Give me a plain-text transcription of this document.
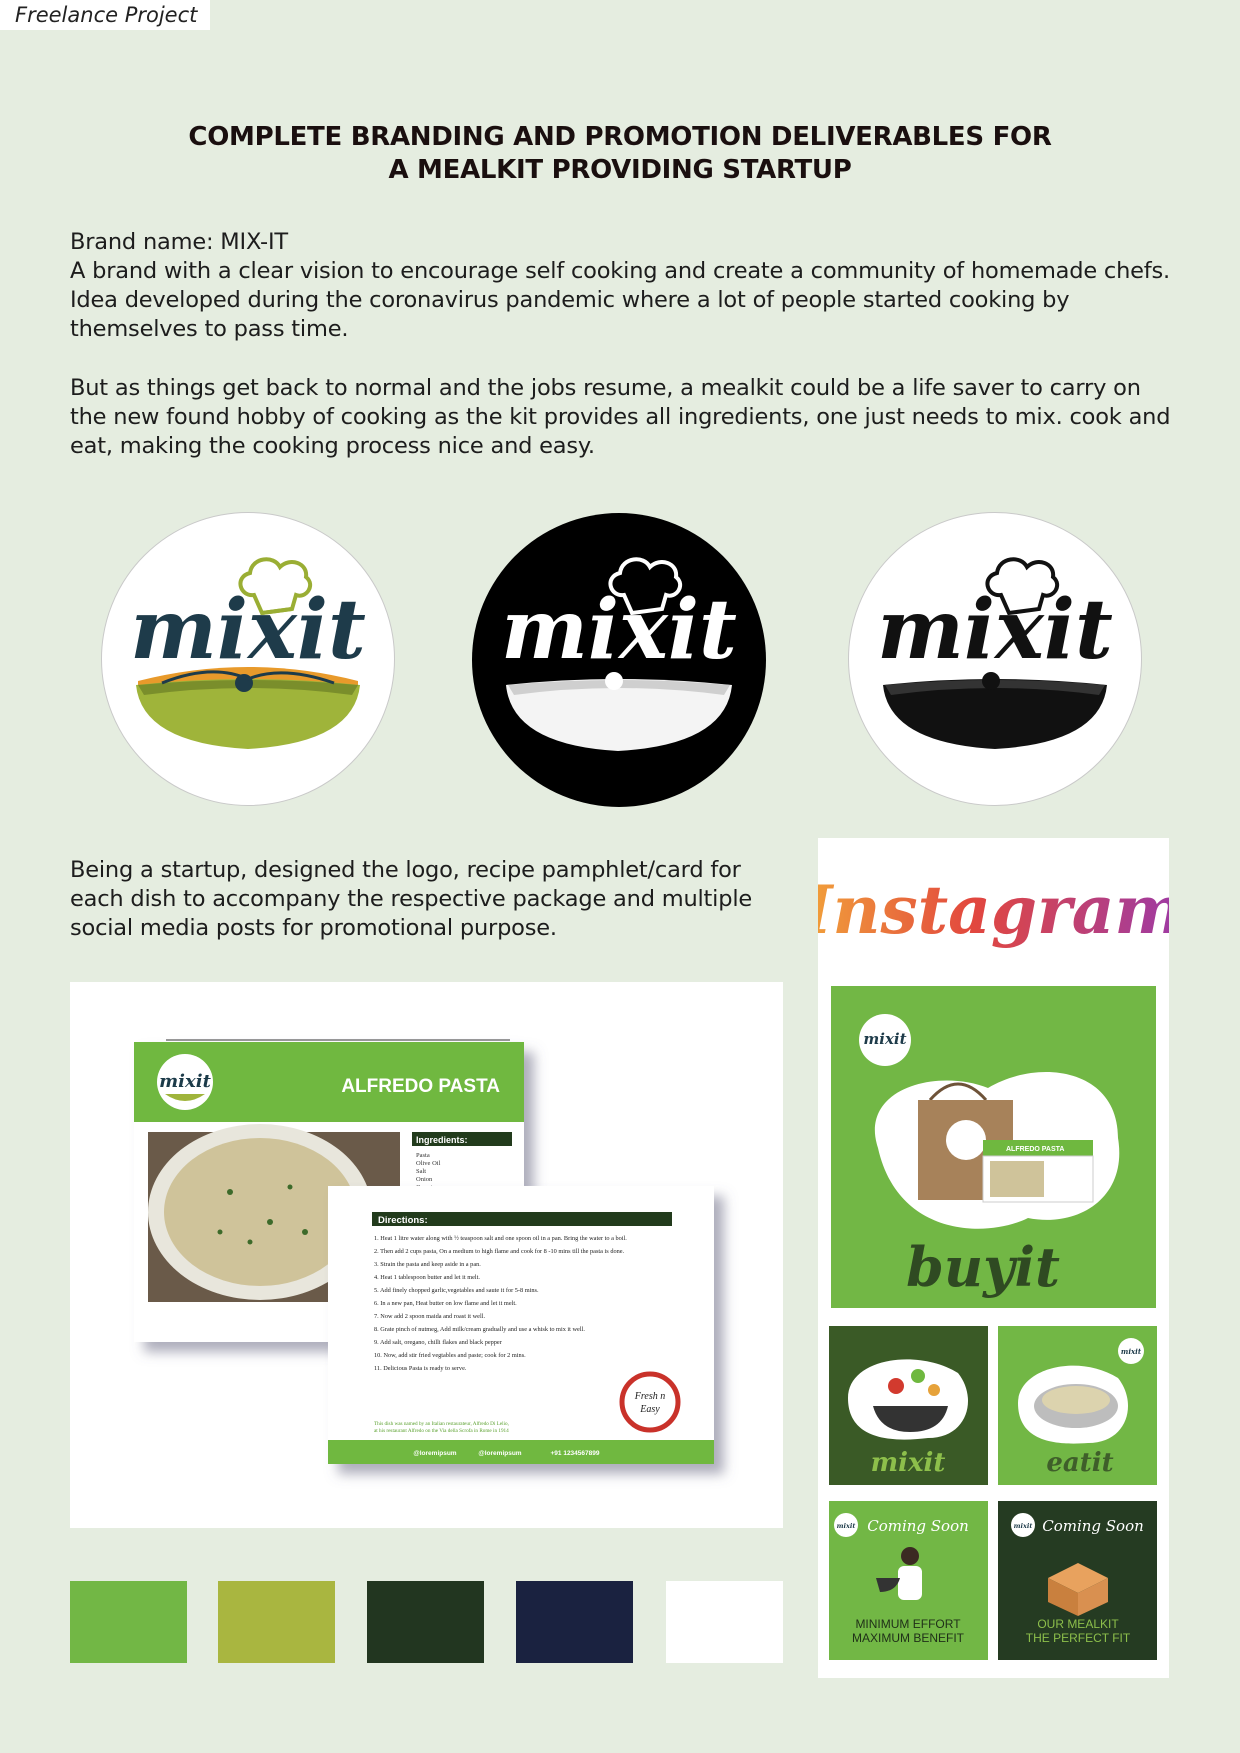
Freelance Project
COMPLETE BRANDING AND PROMOTION DELIVERABLES FOR
A MEALKIT PROVIDING STARTUP

Brand name: MIX-IT

A brand with a clear vision to encourage self cooking and create a community of homemade chefs. Idea developed during the coronavirus pandemic where a lot of people started cooking by themselves to pass time.

But as things get back to normal and the jobs resume, a mealkit could be a life saver to carry on the new found hobby of cooking as the kit provides all ingredients, one just needs to mix. cook and eat, making the cooking process nice and easy.

mixit mixit mixit

Being a startup, designed the logo, recipe pamphlet/card for each dish to accompany the respective package and multiple social media posts for promotional purpose.

mixit	ALFREDO PASTA
Ingredients:
Pasta
Olive Oil
Salt
Onion
Directions:
1. Heat 1 litre water along with ½ teaspoon salt and one spoon oil in a pan. Bring the water to a boil.
2. Then add 2 cups pasta, On a medium to high flame and cook for 8 -10 mins till the pasta is done.
3. Strain the pasta and keep aside in a pan.
4. Heat 1 tablespoon butter and let it melt.
5. Add finely chopped garlic,vegetables and saute it for 5-8 mins.
6. In a new pan, Heat butter on low flame and let it melt.
7. Now add 2 spoon maida and roast it well.
8. Grate pinch of nutmeg, Add milk/cream gradually and use a whisk to mix it well.
9. Add salt, oregano, chilli flakes and black pepper
10. Now, add stir fried vegtables and paste; cook for 2 mins.
11. Delicious Pasta is ready to serve.
This dish was named by an Italian restaurateur, Alfredo Di Lelio,
at his restaurant Alfredo on the Via della Scrofa in Rome in 1914
Fresh n
Easy
@loremipsum	@loremipsum	+91 1234567899
Instagram
mixit
ALFREDO PASTA
buyit
mixit
mixit
eatit
mixit Coming Soon
MINIMUM EFFORT
MAXIMUM BENEFIT
mixit Coming Soon
OUR MEALKIT
THE PERFECT FIT
